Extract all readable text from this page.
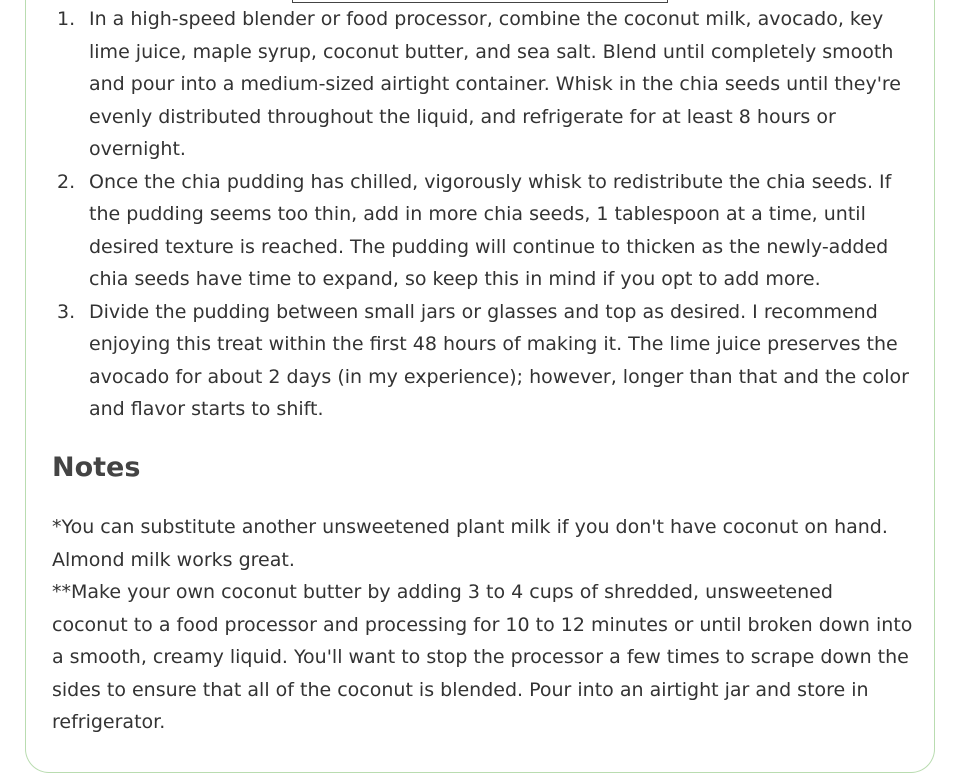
1. In a high-speed blender or food processor, combine the coconut milk, avocado, key lime juice, maple syrup, coconut butter, and sea salt. Blend until completely smooth and pour into a medium-sized airtight container. Whisk in the chia seeds until they're evenly distributed throughout the liquid, and refrigerate for at least 8 hours or overnight.
2. Once the chia pudding has chilled, vigorously whisk to redistribute the chia seeds. If the pudding seems too thin, add in more chia seeds, 1 tablespoon at a time, until desired texture is reached. The pudding will continue to thicken as the newly-added chia seeds have time to expand, so keep this in mind if you opt to add more.
3. Divide the pudding between small jars or glasses and top as desired. I recommend enjoying this treat within the first 48 hours of making it. The lime juice preserves the avocado for about 2 days (in my experience); however, longer than that and the color and flavor starts to shift.
Notes

*You can substitute another unsweetened plant milk if you don't have coconut on hand. Almond milk works great.

**Make your own coconut butter by adding 3 to 4 cups of shredded, unsweetened coconut to a food processor and processing for 10 to 12 minutes or until broken down into a smooth, creamy liquid. You'll want to stop the processor a few times to scrape down the sides to ensure that all of the coconut is blended. Pour into an airtight jar and store in refrigerator.
